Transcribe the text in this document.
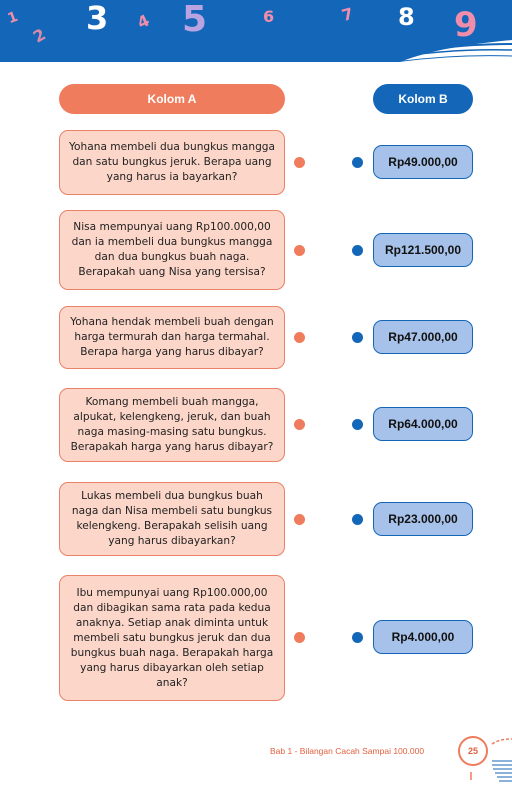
1
2 3 4 5	6	7 8 9
Kolom A	Kolom B
Yohana membeli dua bungkus mangga dan satu bungkus jeruk. Berapa uang yang harus ia bayarkan?
Rp49.000,00
Nisa mempunyai uang Rp100.000,00 dan ia membeli dua bungkus mangga dan dua bungkus buah naga. Berapakah uang Nisa yang tersisa?
Rp121.500,00
Yohana hendak membeli buah dengan harga termurah dan harga termahal. Berapa harga yang harus dibayar?
Rp47.000,00
Komang membeli buah mangga, alpukat, kelengkeng, jeruk, dan buah naga masing-masing satu bungkus. Berapakah harga yang harus dibayar?
Rp64.000,00
Lukas membeli dua bungkus buah naga dan Nisa membeli satu bungkus kelengkeng. Berapakah selisih uang yang harus dibayarkan?
Rp23.000,00
Ibu mempunyai uang Rp100.000,00 dan dibagikan sama rata pada kedua anaknya. Setiap anak diminta untuk membeli satu bungkus jeruk dan dua bungkus buah naga. Berapakah harga yang harus dibayarkan oleh setiap anak?
Rp4.000,00
Bab 1 - Bilangan Cacah Sampai 100.000	25
